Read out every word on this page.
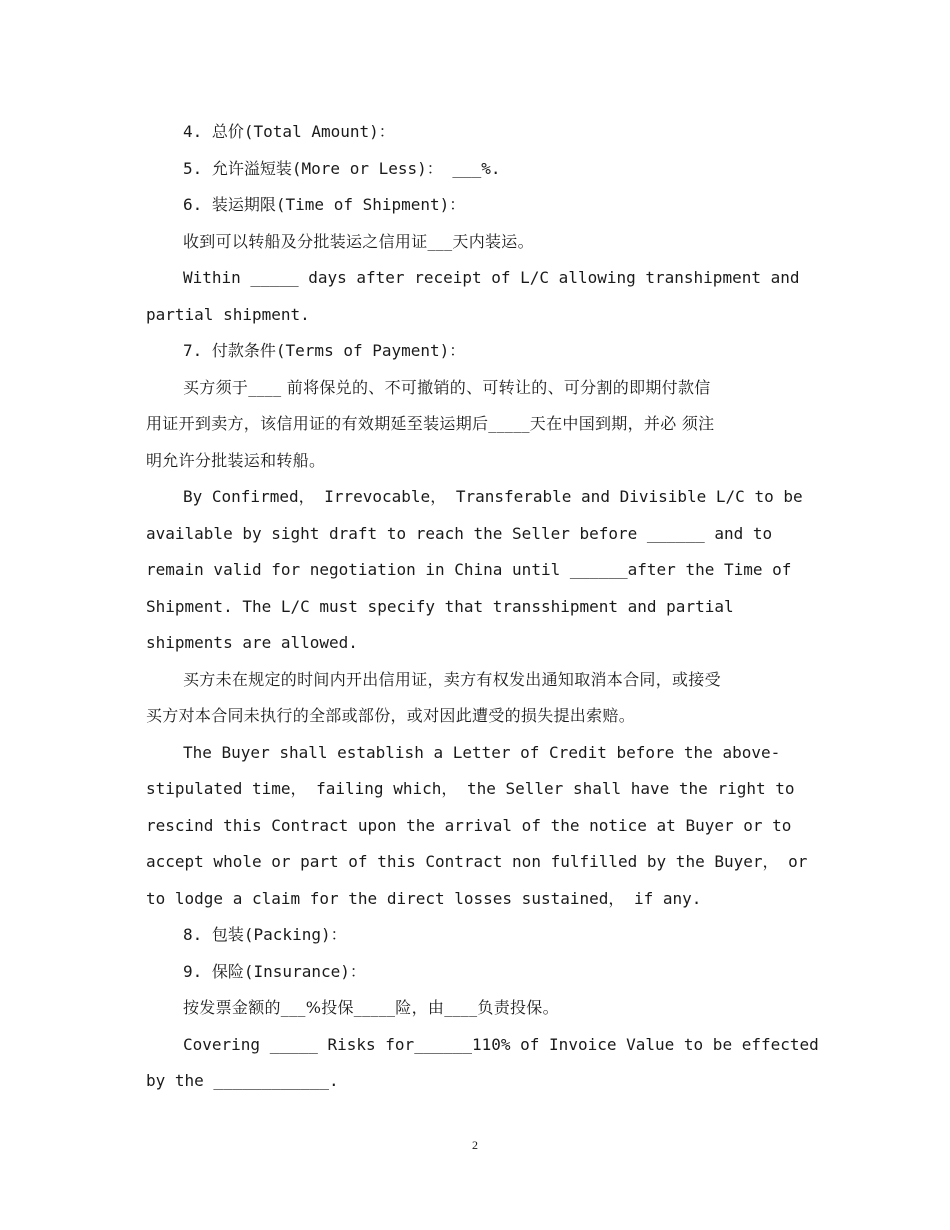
4. 总价(Total Amount)：
5. 允许溢短装(More or Less)： ___%.
6. 装运期限(Time of Shipment)：
收到可以转船及分批装运之信用证___天内装运。
Within _____ days after receipt of L/C allowing transhipment and
partial shipment.
7. 付款条件(Terms of Payment)：
买方须于____ 前将保兑的、不可撤销的、可转让的、可分割的即期付款信
用证开到卖方，该信用证的有效期延至装运期后_____天在中国到期，并必 须注
明允许分批装运和转船。
By Confirmed， Irrevocable， Transferable and Divisible L/C to be
available by sight draft to reach the Seller before ______ and to
remain valid for negotiation in China until ______after the Time of
Shipment. The L/C must specify that transshipment and partial
shipments are allowed.
买方未在规定的时间内开出信用证，卖方有权发出通知取消本合同，或接受
买方对本合同未执行的全部或部份，或对因此遭受的损失提出索赔。
The Buyer shall establish a Letter of Credit before the above-
stipulated time， failing which， the Seller shall have the right to
rescind this Contract upon the arrival of the notice at Buyer or to
accept whole or part of this Contract non fulfilled by the Buyer， or
to lodge a claim for the direct losses sustained， if any.
8. 包装(Packing)：
9. 保险(Insurance)：
按发票金额的___%投保_____险，由____负责投保。
Covering _____ Risks for______110% of Invoice Value to be effected
by the ____________.
2
